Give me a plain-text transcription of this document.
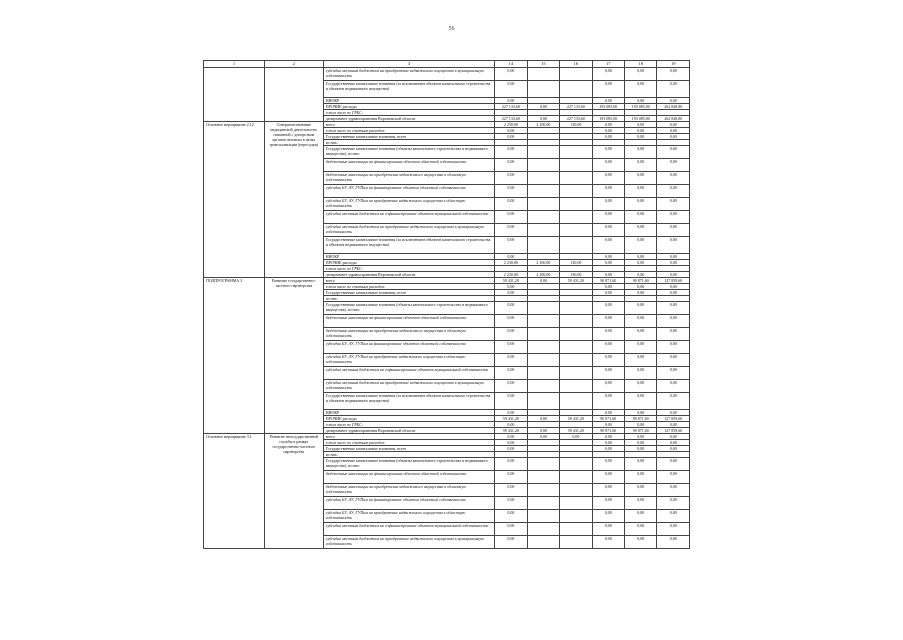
56
1	2	3	14	15	16	17	18	19
		субсидии местным бюджетам на приобретение недвижимого имущества в муниципальную собственность	0,00			0,00	0,00	0,00
		Государственные капитальные вложения (за исключением объектов капитального строительства и объектов недвижимого имущества)	0,00			0,00	0,00	0,00
		НИОКР	0,00			0,00	0,00	0,00
		ПРОЧИЕ расходы	227 133,60	0,00	227 133,60	193 085,00	193 085,00	262 848,80
		в том числе по ГРБС:						
		департамент здравоохранения Воронежской области	227 133,60	0,00	227 133,60	193 085,00	193 085,00	262 848,80
Основное мероприятие 2.12	Совершенствование медицинской деятельности, связанной с донорством органов человека в целях трансплантации (пересадки)	всего	2 230,00	2 100,00	130,00	0,00	0,00	0,00
		в том числе по статьям расходов:	0,00			0,00	0,00	0,00
		Государственные капитальные вложения, всего	0,00			0,00	0,00	0,00
		из них:						
		Государственные капитальные вложения (объекты капитального строительства и недвижимого имущества), из них:	0,00			0,00	0,00	0,00
		бюджетные инвестиции на финансирование объектов областной собственности	0,00			0,00	0,00	0,00
		бюджетные инвестиции на приобретение недвижимого имущества в областную собственность	0,00			0,00	0,00	0,00
		субсидии БУ, АУ, ГУПам на финансирование объектов областной собственности	0,00			0,00	0,00	0,00
		субсидии БУ, АУ, ГУПам на приобретение недвижимого имущества в областную собственность	0,00			0,00	0,00	0,00
		субсидии местным бюджетам на софинансирование объектов муниципальной собственности	0,00			0,00	0,00	0,00
		субсидии местным бюджетам на приобретение недвижимого имущества в муниципальную собственность	0,00			0,00	0,00	0,00
		Государственные капитальные вложения (за исключением объектов капитального строительства и объектов недвижимого имущества)	0,00			0,00	0,00	0,00
		НИОКР	0,00			0,00	0,00	0,00
		ПРОЧИЕ расходы	2 230,00	2 100,00	130,00	0,00	0,00	0,00
		в том числе по ГРБС:						
		департамент здравоохранения Воронежской области	2 230,00	2 100,00	130,00	0,00	0,00	0,00
ПОДПРОГРАММА 3	Развитие государственно-частного партнерства	всего	59 431,20	0,00	59 431,20	90 871,60	90 871,60	127 859,60
		в том числе по статьям расходов:	0,00			0,00	0,00	0,00
		Государственные капитальные вложения, всего	0,00			0,00	0,00	0,00
		из них:						
		Государственные капитальные вложения (объекты капитального строительства и недвижимого имущества), из них:	0,00			0,00	0,00	0,00
		бюджетные инвестиции на финансирование объектов областной собственности	0,00			0,00	0,00	0,00
		бюджетные инвестиции на приобретение недвижимого имущества в областную собственность	0,00			0,00	0,00	0,00
		субсидии БУ, АУ, ГУПам на финансирование объектов областной собственности	0,00			0,00	0,00	0,00
		субсидии БУ, АУ, ГУПам на приобретение недвижимого имущества в областную собственность	0,00			0,00	0,00	0,00
		субсидии местным бюджетам на софинансирование объектов муниципальной собственности	0,00			0,00	0,00	0,00
		субсидии местным бюджетам на приобретение недвижимого имущества в муниципальную собственность	0,00			0,00	0,00	0,00
		Государственные капитальные вложения (за исключением объектов капитального строительства и объектов недвижимого имущества)	0,00			0,00	0,00	0,00
		НИОКР	0,00			0,00	0,00	0,00
		ПРОЧИЕ расходы	59 431,20	0,00	59 431,20	90 871,60	90 871,60	127 859,60
		в том числе по ГРБС:	0,00			0,00	0,00	0,00
		департамент здравоохранения Воронежской области	59 431,20	0,00	59 431,20	90 871,60	90 871,60	127 859,60
Основное мероприятие 3.1	Развитие негосударственной службы в рамках государственно-частного партнерства	всего	0,00	0,00	0,00	0,00	0,00	0,00
		в том числе по статьям расходов:	0,00			0,00	0,00	0,00
		Государственные капитальные вложения, всего	0,00			0,00	0,00	0,00
		из них:						
		Государственные капитальные вложения (объекты капитального строительства и недвижимого имущества), из них:	0,00			0,00	0,00	0,00
		бюджетные инвестиции на финансирование объектов областной собственности	0,00			0,00	0,00	0,00
		бюджетные инвестиции на приобретение недвижимого имущества в областную собственность	0,00			0,00	0,00	0,00
		субсидии БУ, АУ, ГУПам на финансирование объектов областной собственности	0,00			0,00	0,00	0,00
		субсидии БУ, АУ, ГУПам на приобретение недвижимого имущества в областную собственность	0,00			0,00	0,00	0,00
		субсидии местным бюджетам на софинансирование объектов муниципальной собственности	0,00			0,00	0,00	0,00
		субсидии местным бюджетам на приобретение недвижимого имущества в муниципальную собственность	0,00			0,00	0,00	0,00
